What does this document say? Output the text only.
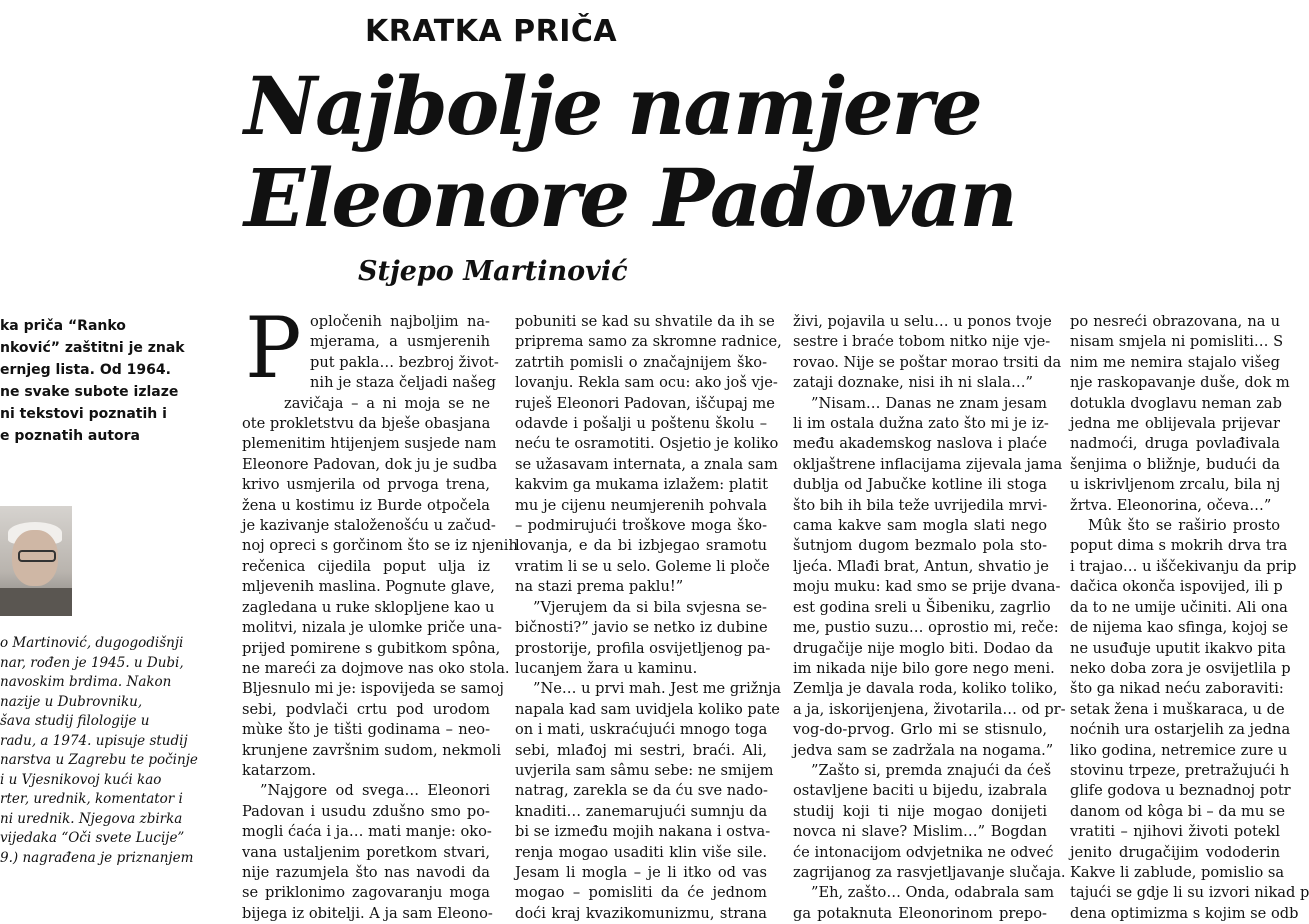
KRATKA PRIČA
Najbolje namjere
Eleonore Padovan
Stjepo Martinović
ka priča “Ranko
nković” zaštitni je znak
ernjeg lista. Od 1964.
ne svake subote izlaze
ni tekstovi poznatih i
e poznatih autora
o Martinović, dugogodišnji
nar, rođen je 1945. u Dubi,
navoskim brdima. Nakon
nazije u Dubrovniku,
šava studij filologije u
radu, a 1974. upisuje studij
narstva u Zagrebu te počinje
i u Vjesnikovoj kući kao
rter, urednik, komentator i
ni urednik. Njegova zbirka
vijedaka “Oči svete Lucije”
9.) nagrađena je priznanjem
P opločenih najboljim na-
mjerama, a usmjerenih
put pakla… bezbroj život-
nih je staza čeljadi našeg
zavičaja – a ni moja se ne
ote prokletstvu da bješe obasjana
plemenitim htijenjem susjede nam
Eleonore Padovan, dok ju je sudba
krivo usmjerila od prvoga trena,
žena u kostimu iz Burde otpočela
je kazivanje staloženošću u začud-
noj opreci s gorčinom što se iz njenih
rečenica cijedila poput ulja iz
mljevenih maslina. Pognute glave,
zagledana u ruke sklopljene kao u
molitvi, nizala je ulomke priče una-
prijed pomirene s gubitkom spôna,
ne mareći za dojmove nas oko stola.
Bljesnulo mi je: ispovijeda se samoj
sebi, podvlači crtu pod urodom
mùke što je tišti godinama – neo-
krunjene završnim sudom, nekmoli
katarzom.
”Najgore od svega… Eleonori
Padovan i usudu zdušno smo po-
mogli ćaća i ja… mati manje: oko-
vana ustaljenim poretkom stvari,
nije razumjela što nas navodi da
se priklonimo zagovaranju moga
bijega iz obitelji. A ja sam Eleono-
pobuniti se kad su shvatile da ih se
priprema samo za skromne radnice,
zatrtih pomisli o značajnijem ško-
lovanju. Rekla sam ocu: ako još vje-
ruješ Eleonori Padovan, iščupaj me
odavde i pošalji u poštenu školu –
neću te osramotiti. Osjetio je koliko
se užasavam internata, a znala sam
kakvim ga mukama izlažem: platit
mu je cijenu neumjerenih pohvala
– podmirujući troškove moga ško-
lovanja, e da bi izbjegao sramotu
vratim li se u selo. Goleme li ploče
na stazi prema paklu!”
”Vjerujem da si bila svjesna se-
bičnosti?” javio se netko iz dubine
prostorije, profila osvijetljenog pa-
lucanjem žara u kaminu.
”Ne… u prvi mah. Jest me grižnja
napala kad sam uvidjela koliko pate
on i mati, uskraćujući mnogo toga
sebi, mlađoj mi sestri, braći. Ali,
uvjerila sam sâmu sebe: ne smijem
natrag, zarekla se da ću sve nado-
knaditi… zanemarujući sumnju da
bi se između mojih nakana i ostva-
renja mogao usaditi klin više sile.
Jesam li mogla – je li itko od vas
mogao – pomisliti da će jednom
doći kraj kvazikomunizmu, strana
živi, pojavila u selu… u ponos tvoje
sestre i braće tobom nitko nije vje-
rovao. Nije se poštar morao trsiti da
zataji doznake, nisi ih ni slala…”
”Nisam… Danas ne znam jesam
li im ostala dužna zato što mi je iz-
među akademskog naslova i plaće
okljaštrene inflacijama zijevala jama
dublja od Jabučke kotline ili stoga
što bih ih bila teže uvrijedila mrvi-
cama kakve sam mogla slati nego
šutnjom dugom bezmalo pola sto-
ljeća. Mlađi brat, Antun, shvatio je
moju muku: kad smo se prije dvana-
est godina sreli u Šibeniku, zagrlio
me, pustio suzu… oprostio mi, reče:
drugačije nije moglo biti. Dodao da
im nikada nije bilo gore nego meni.
Zemlja je davala roda, koliko toliko,
a ja, iskorijenjena, životarila… od pr-
vog-do-prvog. Grlo mi se stisnulo,
jedva sam se zadržala na nogama.”
”Zašto si, premda znajući da ćeš
ostavljene baciti u bijedu, izabrala
studij koji ti nije mogao donijeti
novca ni slave? Mislim…” Bogdan
će intonacijom odvjetnika ne odveć
zagrijanog za rasvjetljavanje slučaja.
”Eh, zašto… Onda, odabrala sam
ga potaknuta Eleonorinom prepo-
po nesreći obrazovana, na u
nisam smjela ni pomisliti… S
nim me nemira stajalo višeg
nje raskopavanje duše, dok m
dotukla dvoglavu neman zab
jedna me oblijevala prijevar
nadmoći, druga povlađivala
šenjima o bližnje, budući da
u iskrivljenom zrcalu, bila nj
žrtva. Eleonorina, očeva…”
Mûk što se raširio prosto
poput dima s mokrih drva tra
i trajao… u iščekivanju da prip
dačica okonča ispovijed, ili p
da to ne umije učiniti. Ali ona
de nijema kao sfinga, kojoj se
ne usuđuje uputit ikakvo pita
neko doba zora je osvijetlila p
što ga nikad neću zaboraviti:
setak žena i muškaraca, u de
noćnih ura ostarjelih za jedna
liko godina, netremice zure u
stovinu trpeze, pretražujući h
glife godova u beznadnoj potr
danom od kôga bi – da mu se
vratiti – njihovi životi potekl
jenito drugačijim vododerin
Kakve li zablude, pomislio sa
tajući se gdje li su izvori nikad p
dena optimizma s kojim se odb
